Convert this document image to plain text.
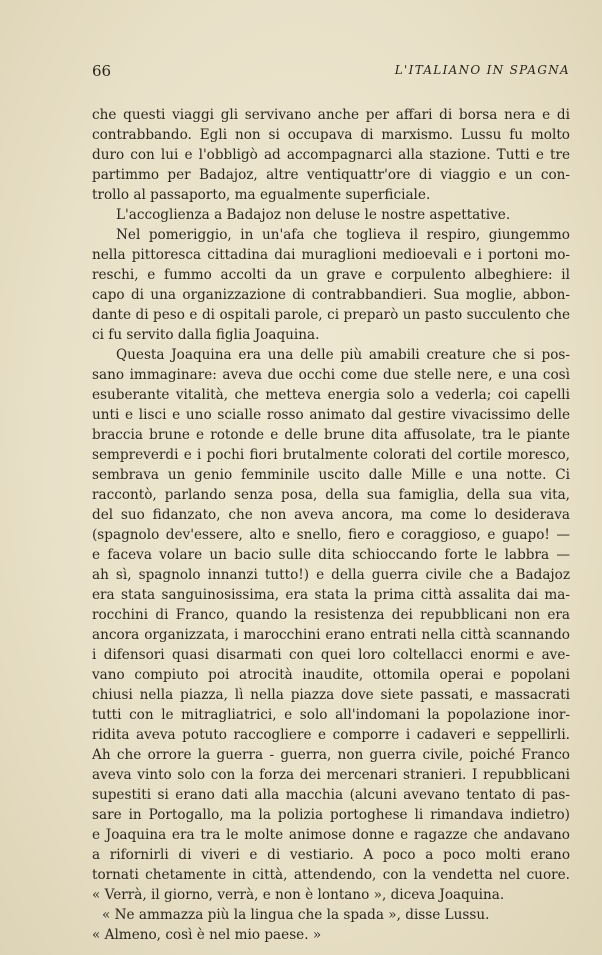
66	L'ITALIANO IN SPAGNA
che questi viaggi gli servivano anche per affari di borsa nera e di
contrabbando. Egli non si occupava di marxismo. Lussu fu molto
duro con lui e l'obbligò ad accompagnarci alla stazione. Tutti e tre
partimmo per Badajoz, altre ventiquattr'ore di viaggio e un con-
trollo al passaporto, ma egualmente superficiale.
L'accoglienza a Badajoz non deluse le nostre aspettative.
Nel pomeriggio, in un'afa che toglieva il respiro, giungemmo
nella pittoresca cittadina dai muraglioni medioevali e i portoni mo-
reschi, e fummo accolti da un grave e corpulento albeghiere: il
capo di una organizzazione di contrabbandieri. Sua moglie, abbon-
dante di peso e di ospitali parole, ci preparò un pasto succulento che
ci fu servito dalla figlia Joaquina.
Questa Joaquina era una delle più amabili creature che si pos-
sano immaginare: aveva due occhi come due stelle nere, e una così
esuberante vitalità, che metteva energia solo a vederla; coi capelli
unti e lisci e uno scialle rosso animato dal gestire vivacissimo delle
braccia brune e rotonde e delle brune dita affusolate, tra le piante
sempreverdi e i pochi fiori brutalmente colorati del cortile moresco,
sembrava un genio femminile uscito dalle Mille e una notte. Ci
raccontò, parlando senza posa, della sua famiglia, della sua vita,
del suo fidanzato, che non aveva ancora, ma come lo desiderava
(spagnolo dev'essere, alto e snello, fiero e coraggioso, e guapo! —
e faceva volare un bacio sulle dita schioccando forte le labbra —
ah sì, spagnolo innanzi tutto!) e della guerra civile che a Badajoz
era stata sanguinosissima, era stata la prima città assalita dai ma-
rocchini di Franco, quando la resistenza dei repubblicani non era
ancora organizzata, i marocchini erano entrati nella città scannando
i difensori quasi disarmati con quei loro coltellacci enormi e ave-
vano compiuto poi atrocità inaudite, ottomila operai e popolani
chiusi nella piazza, lì nella piazza dove siete passati, e massacrati
tutti con le mitragliatrici, e solo all'indomani la popolazione inor-
ridita aveva potuto raccogliere e comporre i cadaveri e seppellirli.
Ah che orrore la guerra - guerra, non guerra civile, poiché Franco
aveva vinto solo con la forza dei mercenari stranieri. I repubblicani
supestiti si erano dati alla macchia (alcuni avevano tentato di pas-
sare in Portogallo, ma la polizia portoghese li rimandava indietro)
e Joaquina era tra le molte animose donne e ragazze che andavano
a rifornirli di viveri e di vestiario. A poco a poco molti erano
tornati chetamente in città, attendendo, con la vendetta nel cuore.
« Verrà, il giorno, verrà, e non è lontano », diceva Joaquina.
« Ne ammazza più la lingua che la spada », disse Lussu.
« Almeno, così è nel mio paese. »
